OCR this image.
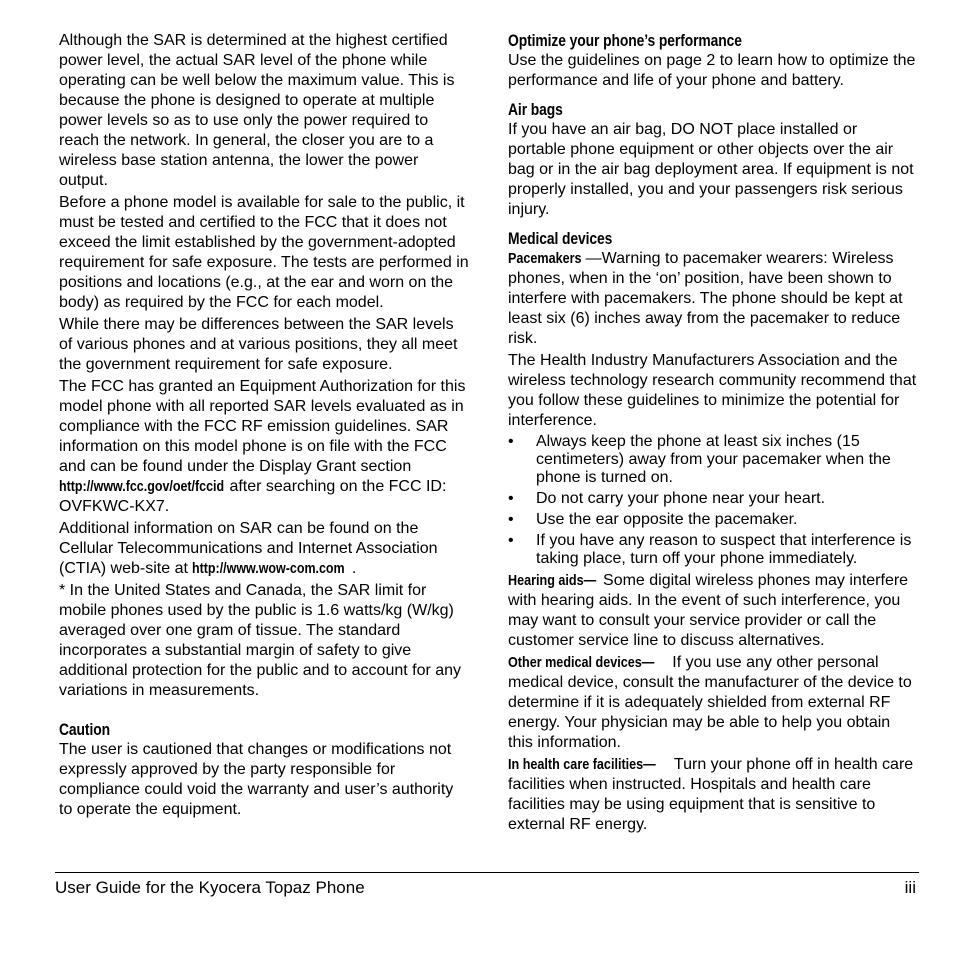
Although the SAR is determined at the highest certified power level, the actual SAR level of the phone while operating can be well below the maximum value. This is because the phone is designed to operate at multiple power levels so as to use only the power required to reach the network. In general, the closer you are to a wireless base station antenna, the lower the power output.

Before a phone model is available for sale to the public, it must be tested and certified to the FCC that it does not exceed the limit established by the government-adopted requirement for safe exposure. The tests are performed in positions and locations (e.g., at the ear and worn on the body) as required by the FCC for each model.

While there may be differences between the SAR levels of various phones and at various positions, they all meet the government requirement for safe exposure.

The FCC has granted an Equipment Authorization for this model phone with all reported SAR levels evaluated as in compliance with the FCC RF emission guidelines. SAR information on this model phone is on file with the FCC and can be found under the Display Grant section http://www.fcc.gov/oet/fccid after searching on the FCC ID: OVFKWC-KX7.

Additional information on SAR can be found on the Cellular Telecommunications and Internet Association (CTIA) web-site at http://www.wow-com.com .

* In the United States and Canada, the SAR limit for mobile phones used by the public is 1.6 watts/kg (W/kg) averaged over one gram of tissue. The standard incorporates a substantial margin of safety to give additional protection for the public and to account for any variations in measurements.

Caution

The user is cautioned that changes or modifications not expressly approved by the party responsible for compliance could void the warranty and user’s authority to operate the equipment.

Optimize your phone’s performance

Use the guidelines on page 2 to learn how to optimize the performance and life of your phone and battery.

Air bags

If you have an air bag, DO NOT place installed or portable phone equipment or other objects over the air bag or in the air bag deployment area. If equipment is not properly installed, you and your passengers risk serious injury.

Medical devices

Pacemakers —Warning to pacemaker wearers: Wireless phones, when in the ‘on’ position, have been shown to interfere with pacemakers. The phone should be kept at least six (6) inches away from the pacemaker to reduce risk.

The Health Industry Manufacturers Association and the wireless technology research community recommend that you follow these guidelines to minimize the potential for interference.

• Always keep the phone at least six inches (15 centimeters) away from your pacemaker when the phone is turned on.
• Do not carry your phone near your heart.
• Use the ear opposite the pacemaker.
• If you have any reason to suspect that interference is taking place, turn off your phone immediately.

Hearing aids— Some digital wireless phones may interfere with hearing aids. In the event of such interference, you may want to consult your service provider or call the customer service line to discuss alternatives.

Other medical devices— If you use any other personal medical device, consult the manufacturer of the device to determine if it is adequately shielded from external RF energy. Your physician may be able to help you obtain this information.

In health care facilities— Turn your phone off in health care facilities when instructed. Hospitals and health care facilities may be using equipment that is sensitive to external RF energy.

User Guide for the Kyocera Topaz Phone	iii
